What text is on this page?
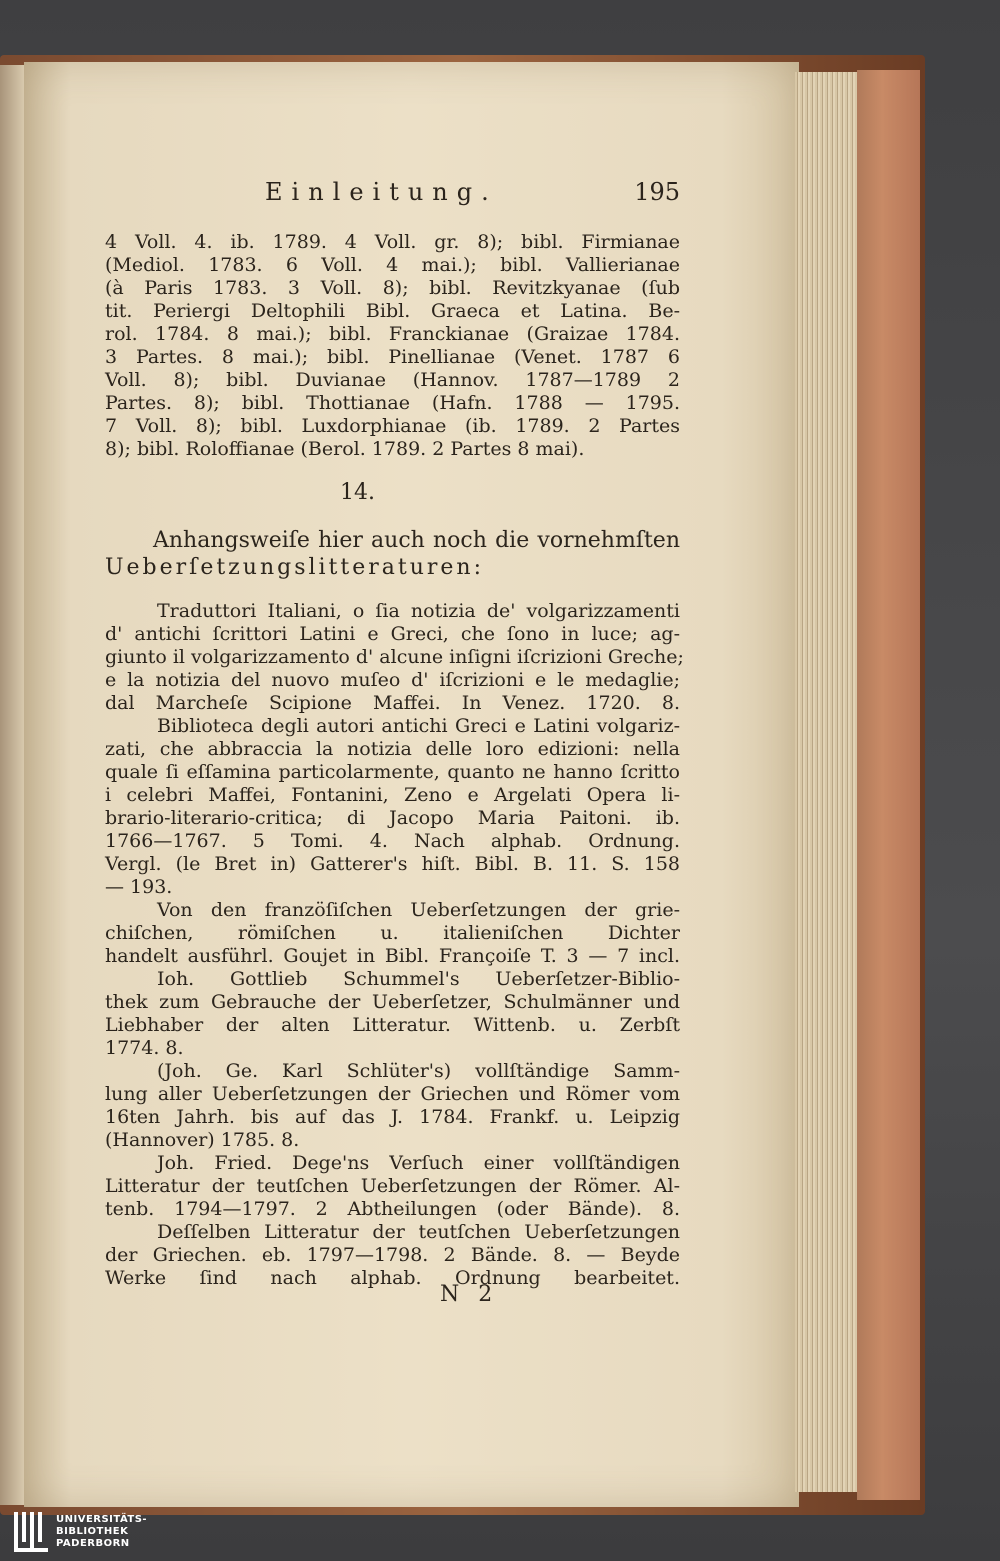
Einleitung.	195
4 Voll. 4. ib. 1789. 4 Voll. gr. 8); bibl. Firmianae
(Mediol. 1783. 6 Voll. 4 mai.); bibl. Vallierianae
(à Paris 1783. 3 Voll. 8); bibl. Revitzkyanae (ſub
tit. Periergi Deltophili Bibl. Graeca et Latina. Be-
rol. 1784. 8 mai.); bibl. Franckianae (Graizae 1784.
3 Partes. 8 mai.); bibl. Pinellianae (Venet. 1787 6
Voll. 8); bibl. Duvianae (Hannov. 1787—1789 2
Partes. 8); bibl. Thottianae (Hafn. 1788 — 1795.
7 Voll. 8); bibl. Luxdorphianae (ib. 1789. 2 Partes
8); bibl. Roloffianae (Berol. 1789. 2 Partes 8 mai).
14.
Anhangsweiſe hier auch noch die vornehmſten
Ueberſetzungslitteraturen:
Traduttori Italiani, o ſia notizia de' volgarizzamenti
d' antichi ſcrittori Latini e Greci, che ſono in luce; ag-
giunto il volgarizzamento d' alcune inſigni iſcrizioni Greche;
e la notizia del nuovo muſeo d' iſcrizioni e le medaglie;
dal Marcheſe Scipione Maffei. In Venez. 1720. 8.
Biblioteca degli autori antichi Greci e Latini volgariz-
zati, che abbraccia la notizia delle loro edizioni: nella
quale ſi eſſamina particolarmente, quanto ne hanno ſcritto
i celebri Maffei, Fontanini, Zeno e Argelati Opera li-
brario-literario-critica; di Jacopo Maria Paitoni. ib.
1766—1767. 5 Tomi. 4. Nach alphab. Ordnung.
Vergl. (le Bret in) Gatterer's hiſt. Bibl. B. 11. S. 158
— 193.
Von den franzöſiſchen Ueberſetzungen der grie-
chiſchen, römiſchen u. italieniſchen Dichter
handelt ausführl. Goujet in Bibl. Françoiſe T. 3 — 7 incl.
Ioh. Gottlieb Schummel's Ueberſetzer-Biblio-
thek zum Gebrauche der Ueberſetzer, Schulmänner und
Liebhaber der alten Litteratur. Wittenb. u. Zerbſt
1774. 8.
(Joh. Ge. Karl Schlüter's) vollſtändige Samm-
lung aller Ueberſetzungen der Griechen und Römer vom
16ten Jahrh. bis auf das J. 1784. Frankf. u. Leipzig
(Hannover) 1785. 8.
Joh. Fried. Dege'ns Verſuch einer vollſtändigen
Litteratur der teutſchen Ueberſetzungen der Römer. Al-
tenb. 1794—1797. 2 Abtheilungen (oder Bände). 8.
Deſſelben Litteratur der teutſchen Ueberſetzungen
der Griechen. eb. 1797—1798. 2 Bände. 8. — Beyde
Werke ſind nach alphab. Ordnung bearbeitet.
N 2
UNIVERSITÄTS-
BIBLIOTHEK
PADERBORN
